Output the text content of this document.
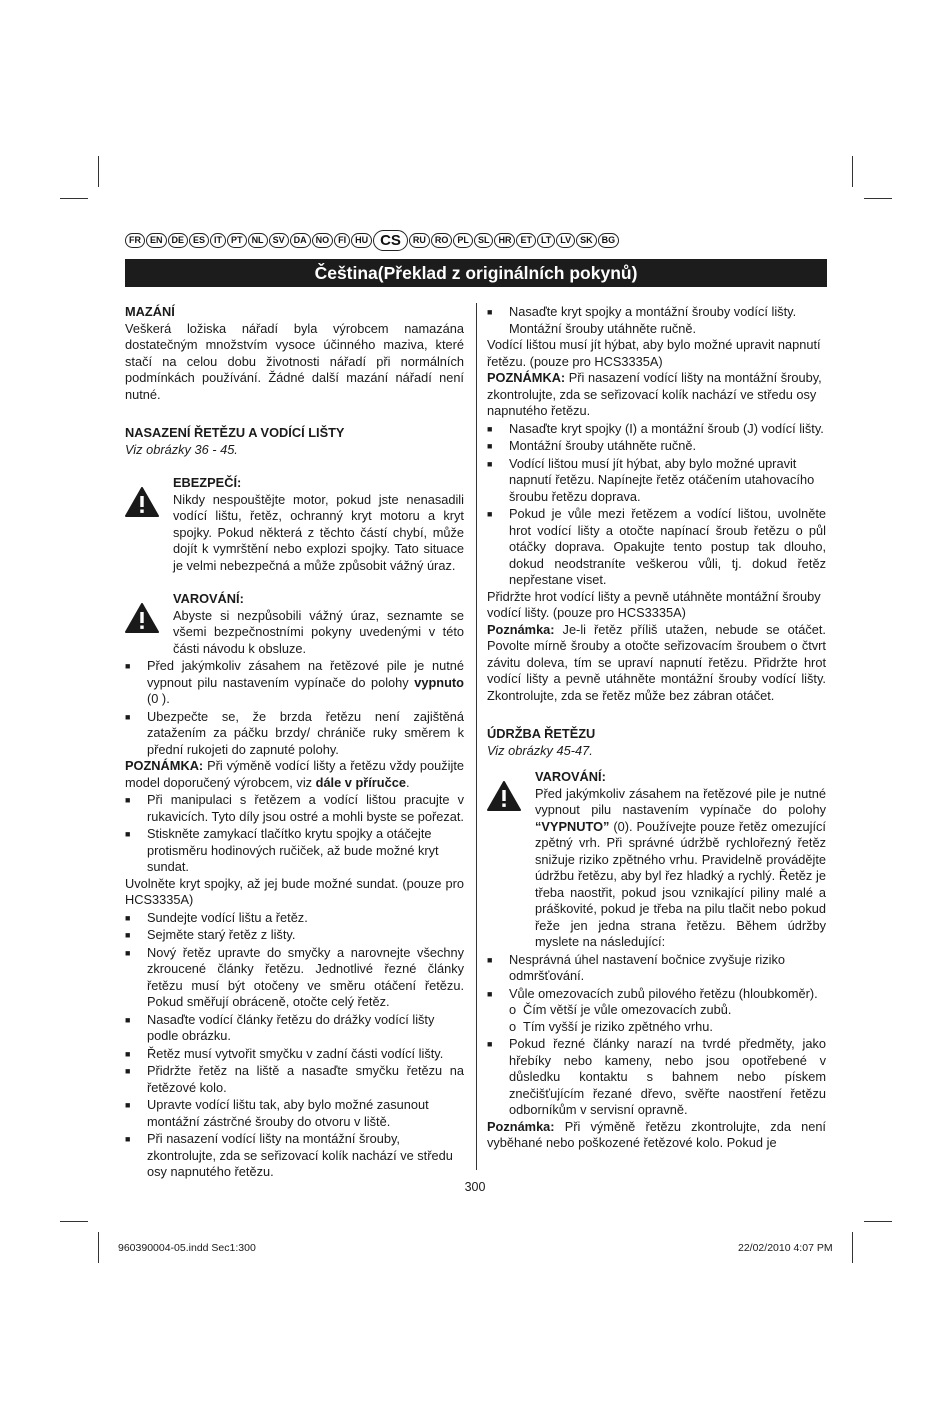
FR	EN	DE	ES	IT	PT	NL	SV	DA	NO	FI	HU CS	RU	RO	PL	SL	HR	ET	LT	LV	SK	BG
Čeština(Překlad z originálních pokynů)

MAZÁNÍ

Veškerá ložiska nářadí byla výrobcem namazána dostatečným množstvím vysoce účinného maziva, které stačí na celou dobu životnosti nářadí při normálních podmínkách používání. Žádné další mazání nářadí není nutné.

NASAZENÍ ŘETĚZU A VODÍCÍ LIŠTY

Viz obrázky 36 - 45.

EBEZPEČÍ:

Nikdy nespouštějte motor, pokud jste nenasadili vodící lištu, řetěz, ochranný kryt motoru a kryt spojky. Pokud některá z těchto částí chybí, může dojít k vymrštění nebo explozi spojky. Tato situace je velmi nebezpečná a může způsobit vážný úraz.

VAROVÁNÍ:

Abyste si nezpůsobili vážný úraz, seznamte se všemi bezpečnostními pokyny uvedenými v této části návodu k obsluze.

■	Před jakýmkoliv zásahem na řetězové pile je nutné vypnout pilu nastavením vypínače do polohy vypnuto (0 ).

■	Ubezpečte se, že brzda řetězu není zajištěná zatažením za páčku brzdy/ chrániče ruky směrem k přední rukojeti do zapnuté polohy.

POZNÁMKA: Při výměně vodící lišty a řetězu vždy použijte model doporučený výrobcem, viz dále v příručce.

■	Při manipulaci s řetězem a vodící lištou pracujte v rukavicích. Tyto díly jsou ostré a mohli byste se pořezat.

■	Stiskněte zamykací tlačítko krytu spojky a otáčejte protisměru hodinových ručiček, až bude možné kryt sundat.

Uvolněte kryt spojky, až jej bude možné sundat. (pouze pro HCS3335A)

■	Sundejte vodící lištu a řetěz.

■	Sejměte starý řetěz z lišty.

■	Nový řetěz upravte do smyčky a narovnejte všechny zkroucené články řetězu. Jednotlivé řezné články řetězu musí být otočeny ve směru otáčení řetězu. Pokud směřují obráceně, otočte celý řetěz.

■	Nasaďte vodící články řetězu do drážky vodící lišty podle obrázku.

■	Řetěz musí vytvořit smyčku v zadní části vodící lišty.

■	Přidržte řetěz na liště a nasaďte smyčku řetězu na řetězové kolo.

■	Upravte vodící lištu tak, aby bylo možné zasunout montážní zástrčné šrouby do otvoru v liště.

■	Při nasazení vodící lišty na montážní šrouby, zkontrolujte, zda se seřizovací kolík nachází ve středu osy napnutého řetězu.

■	Nasaďte kryt spojky a montážní šrouby vodící lišty. Montážní šrouby utáhněte ručně.

Vodící lištou musí jít hýbat, aby bylo možné upravit napnutí řetězu. (pouze pro HCS3335A)

POZNÁMKA: Při nasazení vodící lišty na montážní šrouby, zkontrolujte, zda se seřizovací kolík nachází ve středu osy napnutého řetězu.

■	Nasaďte kryt spojky (I) a montážní šroub (J) vodící lišty.

■	Montážní šrouby utáhněte ručně.

■	Vodící lištou musí jít hýbat, aby bylo možné upravit napnutí řetězu. Napínejte řetěz otáčením utahovacího šroubu řetězu doprava.

■	Pokud je vůle mezi řetězem a vodící lištou, uvolněte hrot vodící lišty a otočte napínací šroub řetězu o půl otáčky doprava. Opakujte tento postup tak dlouho, dokud neodstraníte veškerou vůli, tj. dokud řetěz nepřestane viset.

Přidržte hrot vodící lišty a pevně utáhněte montážní šrouby vodící lišty. (pouze pro HCS3335A)

Poznámka: Je-li řetěz příliš utažen, nebude se otáčet. Povolte mírně šrouby a otočte seřizovacím šroubem o čtvrt závitu doleva, tím se upraví napnutí řetězu. Přidržte hrot vodící lišty a pevně utáhněte montážní šrouby vodící lišty. Zkontrolujte, zda se řetěz může bez zábran otáčet.

ÚDRŽBA ŘETĚZU

Viz obrázky 45-47.

VAROVÁNÍ:

Před jakýmkoliv zásahem na řetězové pile je nutné vypnout pilu nastavením vypínače do polohy “VYPNUTO” (0). Používejte pouze řetěz omezující zpětný vrh. Při správné údržbě rychlořezný řetěz snižuje riziko zpětného vrhu. Pravidelně provádějte údržbu řetězu, aby byl řez hladký a rychlý. Řetěz je třeba naostřit, pokud jsou vznikající piliny malé a práškovité, pokud je třeba na pilu tlačit nebo pokud řeže jen jedna strana řetězu. Během údržby myslete na následující:

■	Nesprávná úhel nastavení bočnice zvyšuje riziko odmršťování.

■	Vůle omezovacích zubů pilového řetězu (hloubkoměr).

o Čím větší je vůle omezovacích zubů.

o Tím vyšší je riziko zpětného vrhu.

■	Pokud řezné články narazí na tvrdé předměty, jako hřebíky nebo kameny, nebo jsou opotřebené v důsledku kontaktu s bahnem nebo pískem znečišťujícím řezané dřevo, svěřte naostření řetězu odborníkům v servisní opravně.

Poznámka: Při výměně řetězu zkontrolujte, zda není vyběhané nebo poškozené řetězové kolo. Pokud je

300
960390004-05.indd Sec1:300	22/02/2010 4:07 PM
